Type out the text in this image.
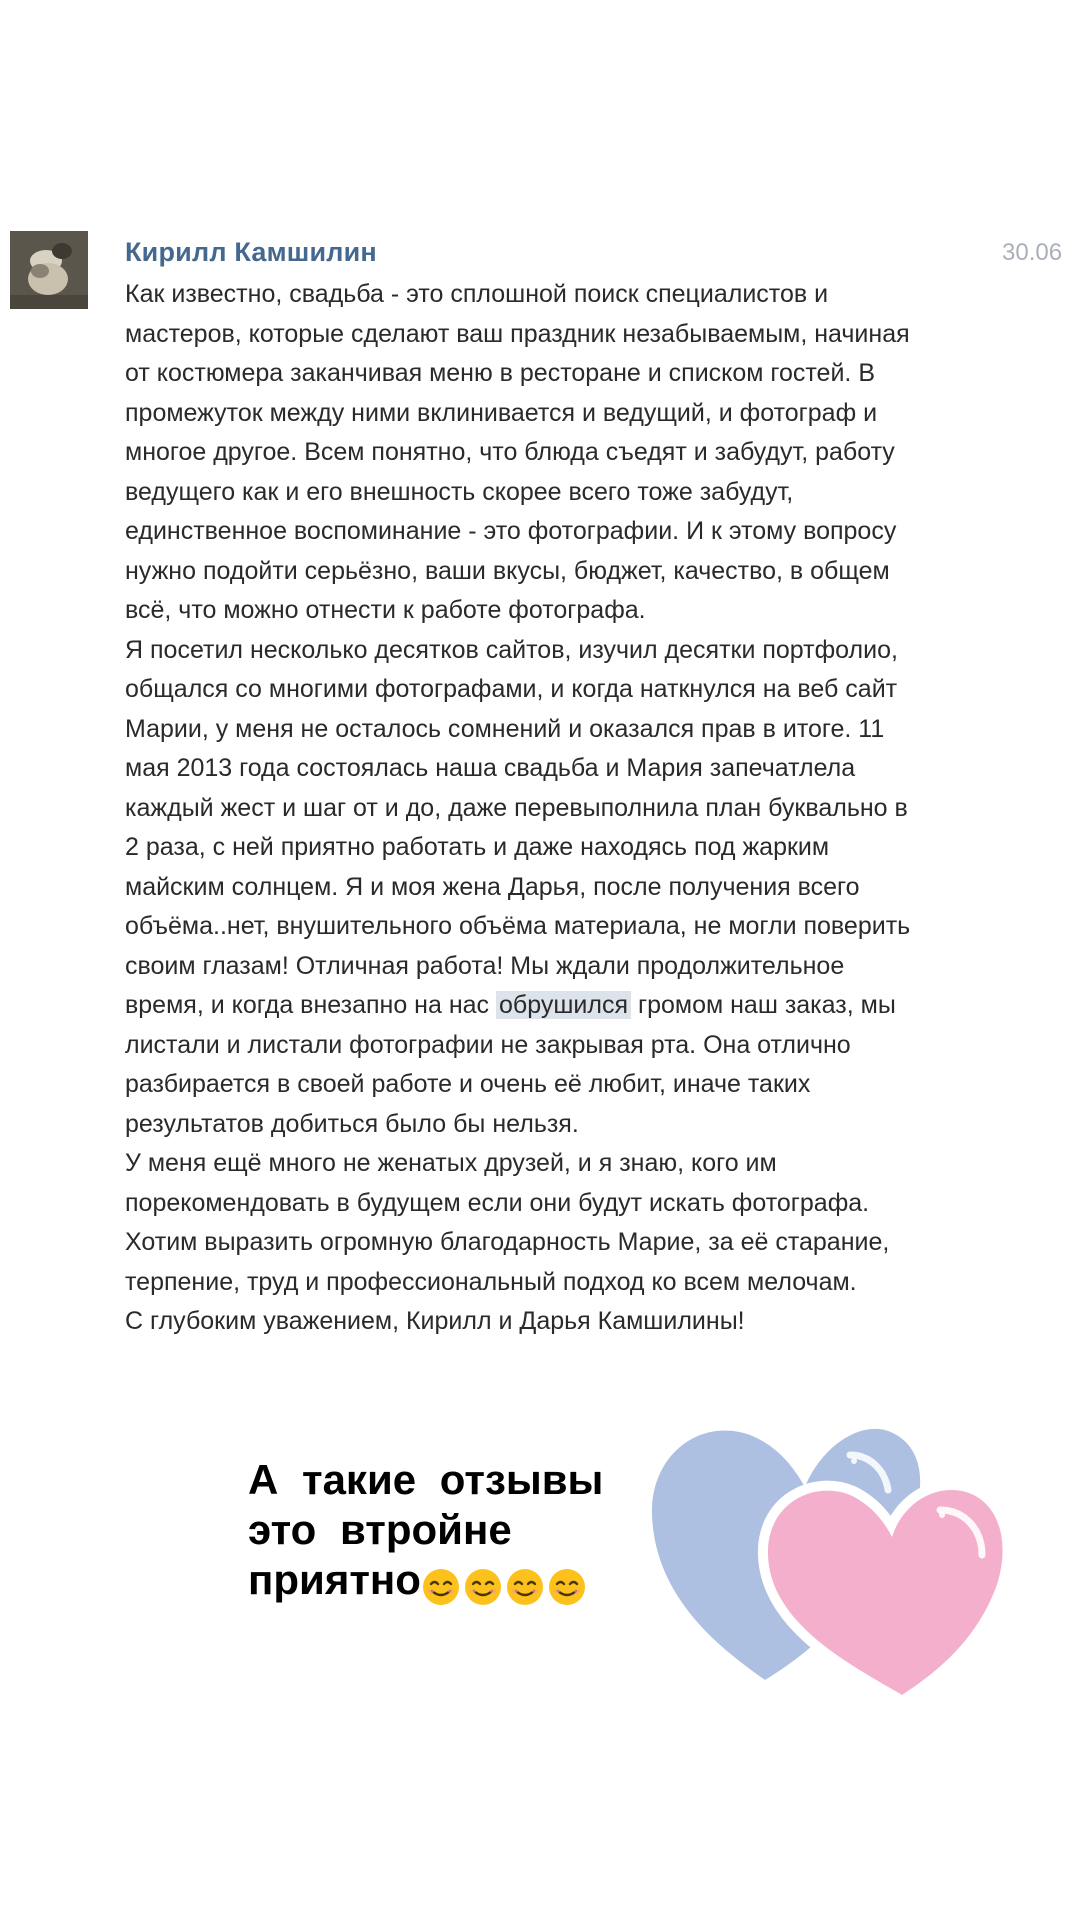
Кирилл Камшилин	30.06

Как известно, свадьба - это сплошной поиск специалистов и
мастеров, которые сделают ваш праздник незабываемым, начиная
от костюмера заканчивая меню в ресторане и списком гостей. В
промежуток между ними вклинивается и ведущий, и фотограф и
многое другое. Всем понятно, что блюда съедят и забудут, работу
ведущего как и его внешность скорее всего тоже забудут,
единственное воспоминание - это фотографии. И к этому вопросу
нужно подойти серьёзно, ваши вкусы, бюджет, качество, в общем
всё, что можно отнести к работе фотографа.
Я посетил несколько десятков сайтов, изучил десятки портфолио,
общался со многими фотографами, и когда наткнулся на веб сайт
Марии, у меня не осталось сомнений и оказался прав в итоге. 11
мая 2013 года состоялась наша свадьба и Мария запечатлела
каждый жест и шаг от и до, даже перевыполнила план буквально в
2 раза, с ней приятно работать и даже находясь под жарким
майским солнцем. Я и моя жена Дарья, после получения всего
объёма..нет, внушительного объёма материала, не могли поверить
своим глазам! Отличная работа! Мы ждали продолжительное
время, и когда внезапно на нас обрушился громом наш заказ, мы
листали и листали фотографии не закрывая рта. Она отлично
разбирается в своей работе и очень её любит, иначе таких
результатов добиться было бы нельзя.
У меня ещё много не женатых друзей, и я знаю, кого им
порекомендовать в будущем если они будут искать фотографа.
Хотим выразить огромную благодарность Марие, за её старание,
терпение, труд и профессиональный подход ко всем мелочам.
С глубоким уважением, Кирилл и Дарья Камшилины!

А такие отзывы
это втройне
приятно
